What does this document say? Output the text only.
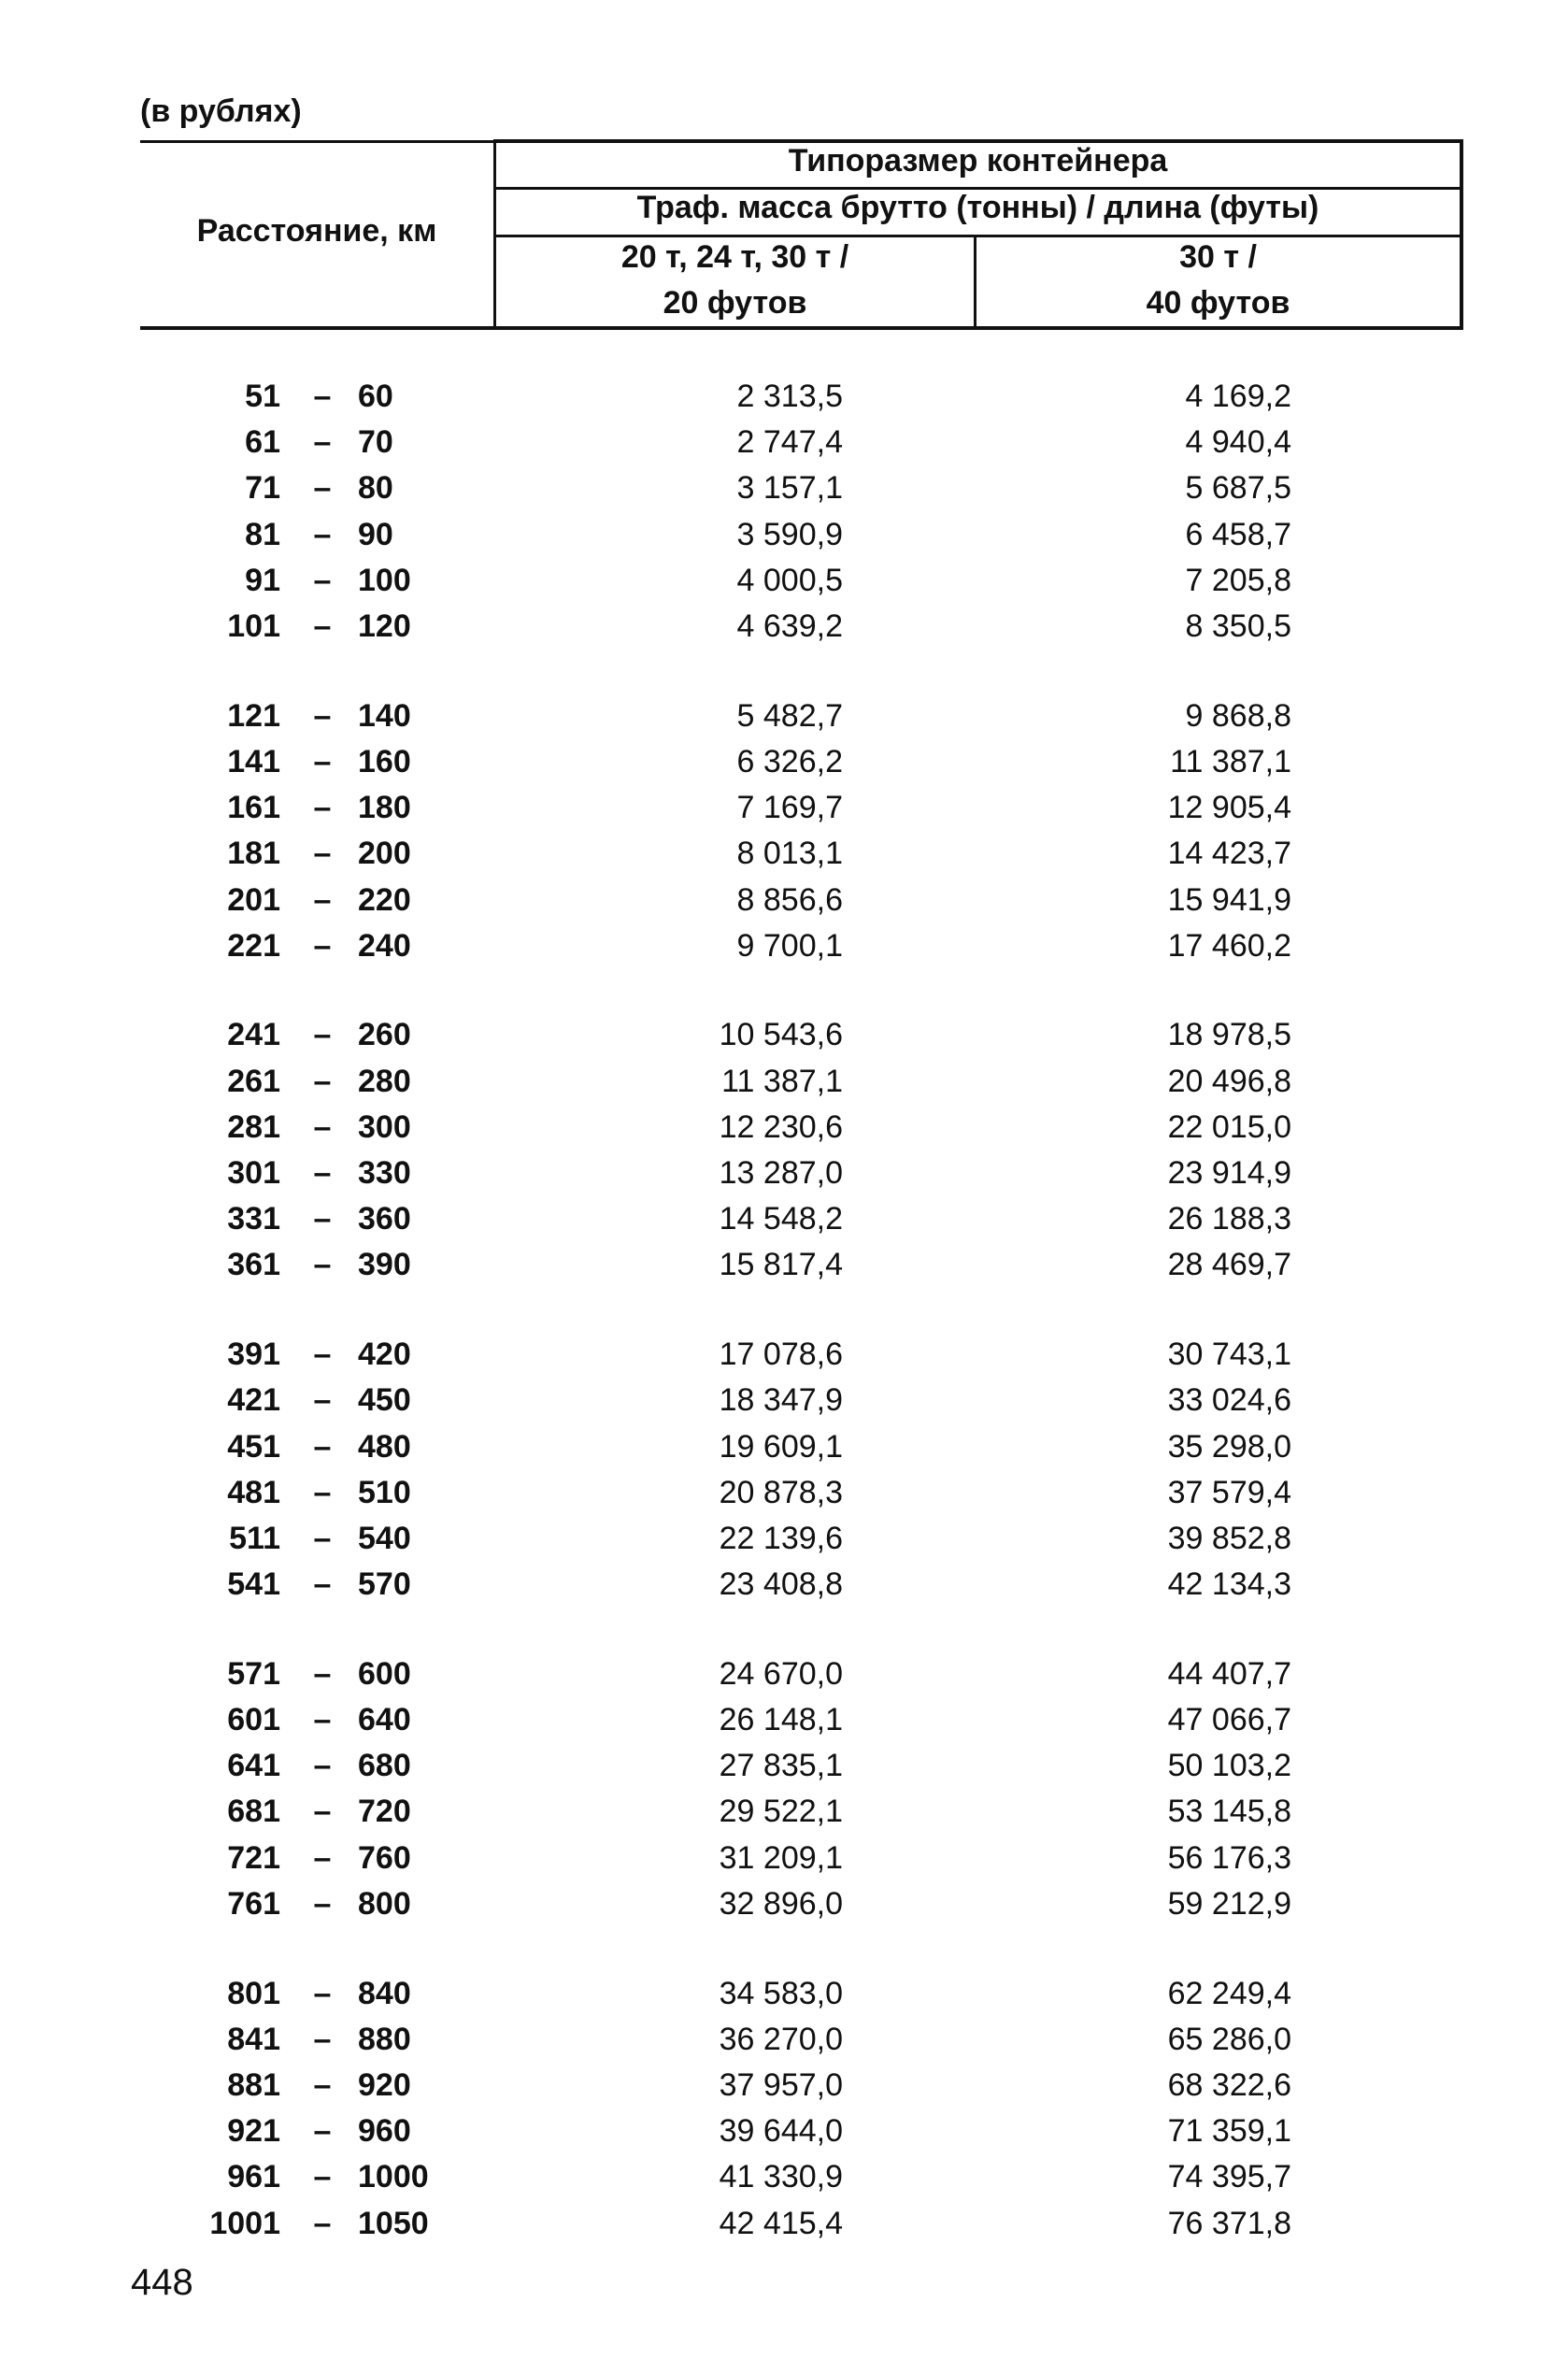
(в рублях)
Расстояние, км
Типоразмер контейнера
Траф. масса брутто (тонны) / длина (футы)
20 т, 24 т, 30 т /
20 футов
30 т /
40 футов
51 – 60	2 313,5	4 169,2
61 – 70	2 747,4	4 940,4
71 – 80	3 157,1	5 687,5
81 – 90	3 590,9	6 458,7
91 – 100	4 000,5	7 205,8
101 – 120	4 639,2	8 350,5
121 – 140	5 482,7	9 868,8
141 – 160	6 326,2	11 387,1
161 – 180	7 169,7	12 905,4
181 – 200	8 013,1	14 423,7
201 – 220	8 856,6	15 941,9
221 – 240	9 700,1	17 460,2
241 – 260	10 543,6	18 978,5
261 – 280	11 387,1	20 496,8
281 – 300	12 230,6	22 015,0
301 – 330	13 287,0	23 914,9
331 – 360	14 548,2	26 188,3
361 – 390	15 817,4	28 469,7
391 – 420	17 078,6	30 743,1
421 – 450	18 347,9	33 024,6
451 – 480	19 609,1	35 298,0
481 – 510	20 878,3	37 579,4
511 – 540	22 139,6	39 852,8
541 – 570	23 408,8	42 134,3
571 – 600	24 670,0	44 407,7
601 – 640	26 148,1	47 066,7
641 – 680	27 835,1	50 103,2
681 – 720	29 522,1	53 145,8
721 – 760	31 209,1	56 176,3
761 – 800	32 896,0	59 212,9
801 – 840	34 583,0	62 249,4
841 – 880	36 270,0	65 286,0
881 – 920	37 957,0	68 322,6
921 – 960	39 644,0	71 359,1
961 – 1000	41 330,9	74 395,7
1001 – 1050	42 415,4	76 371,8
448
